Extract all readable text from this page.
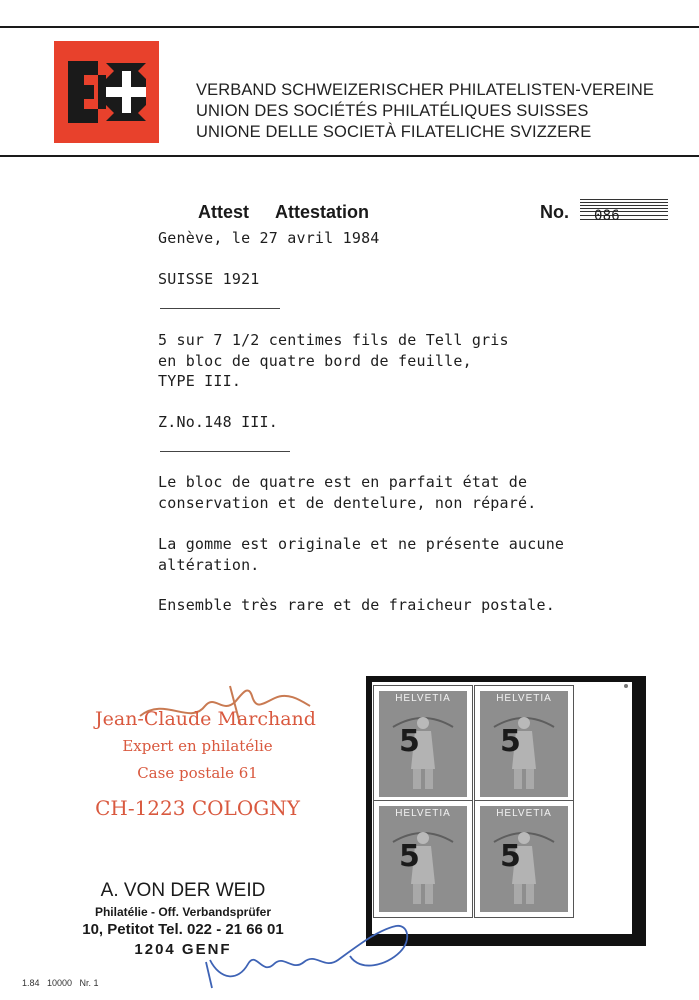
VERBAND SCHWEIZERISCHER PHILATELISTEN-VEREINE
UNION DES SOCIÉTÉS PHILATÉLIQUES SUISSES
UNIONE DELLE SOCIETÀ FILATELICHE SVIZZERE
Attest Attestation	No. 086
Genève, le 27 avril 1984
SUISSE 1921
5 sur 7 1/2 centimes fils de Tell gris
en bloc de quatre bord de feuille,
TYPE III.
Z.No.148 III.
Le bloc de quatre est en parfait état de
conservation et de dentelure, non réparé.
La gomme est originale et ne présente aucune
altération.
Ensemble très rare et de fraicheur postale.
Jean-Claude Marchand
Expert en philatélie
Case postale 61
CH-1223 COLOGNY
HELVETIA
5
HELVETIA
5
HELVETIA
5
HELVETIA
5
A. VON DER WEID
Philatélie - Off. Verbandsprüfer
10, Petitot Tel. 022 - 21 66 01
1204 GENF
1.84   10000   Nr. 1
